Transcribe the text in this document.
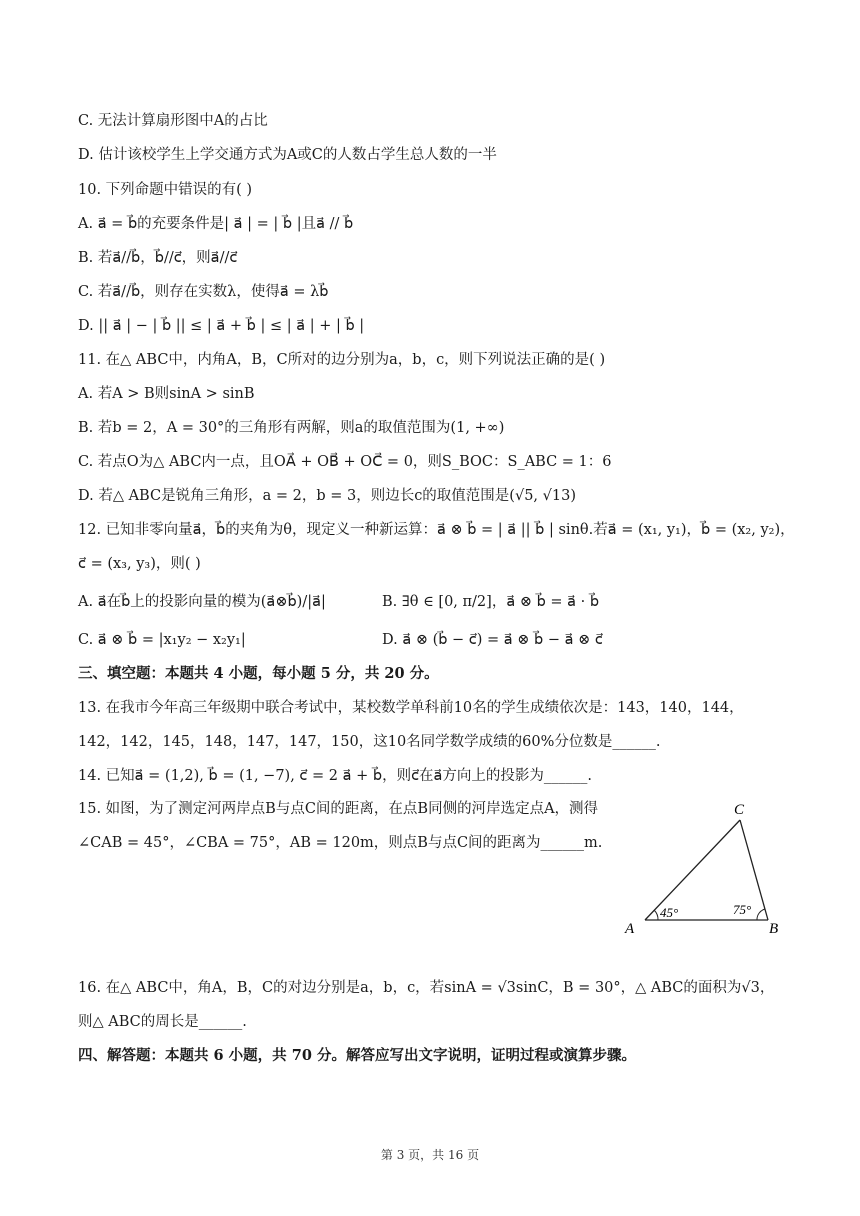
C. 无法计算扇形图中A的占比
D. 估计该校学生上学交通方式为A或C的人数占学生总人数的一半
10. 下列命题中错误的有( )
A. a⃗ = b⃗的充要条件是| a⃗ | = | b⃗ |且a⃗ // b⃗
B. 若a⃗//b⃗，b⃗//c⃗，则a⃗//c⃗
C. 若a⃗//b⃗，则存在实数λ，使得a⃗ = λb⃗
D. || a⃗ | − | b⃗ || ≤ | a⃗ + b⃗ | ≤ | a⃗ | + | b⃗ |
11. 在△ ABC中，内角A，B，C所对的边分别为a，b，c，则下列说法正确的是( )
A. 若A > B则sinA > sinB
B. 若b = 2，A = 30°的三角形有两解，则a的取值范围为(1, +∞)
C. 若点O为△ ABC内一点，且OA⃗ + OB⃗ + OC⃗ = 0，则S_BOC：S_ABC = 1：6
D. 若△ ABC是锐角三角形，a = 2，b = 3，则边长c的取值范围是(√5, √13)
12. 已知非零向量a⃗，b⃗的夹角为θ，现定义一种新运算：a⃗ ⊗ b⃗ = | a⃗ || b⃗ | sinθ.若a⃗ = (x₁, y₁)，b⃗ = (x₂, y₂)，
c⃗ = (x₃, y₃)，则( )
A. a⃗在b⃗上的投影向量的模为(a⃗⊗b⃗)/|a⃗|	B. ∃θ ∈ [0, π/2]，a⃗ ⊗ b⃗ = a⃗ · b⃗
C. a⃗ ⊗ b⃗ = |x₁y₂ − x₂y₁|	D. a⃗ ⊗ (b⃗ − c⃗) = a⃗ ⊗ b⃗ − a⃗ ⊗ c⃗
三、填空题：本题共 4 小题，每小题 5 分，共 20 分。
13. 在我市今年高三年级期中联合考试中，某校数学单科前10名的学生成绩依次是：143，140，144，
142，142，145，148，147，147，150，这10名同学数学成绩的60%分位数是______.
14. 已知a⃗ = (1,2), b⃗ = (1, −7), c⃗ = 2 a⃗ + b⃗，则c⃗在a⃗方向上的投影为______.
15. 如图，为了测定河两岸点B与点C间的距离，在点B同侧的河岸选定点A，测得
∠CAB = 45°，∠CBA = 75°，AB = 120m，则点B与点C间的距离为______m.
A	B
C
45°	75°
16. 在△ ABC中，角A，B，C的对边分别是a，b，c，若sinA = √3sinC，B = 30°，△ ABC的面积为√3，
则△ ABC的周长是______.
四、解答题：本题共 6 小题，共 70 分。解答应写出文字说明，证明过程或演算步骤。
第 3 页，共 16 页
